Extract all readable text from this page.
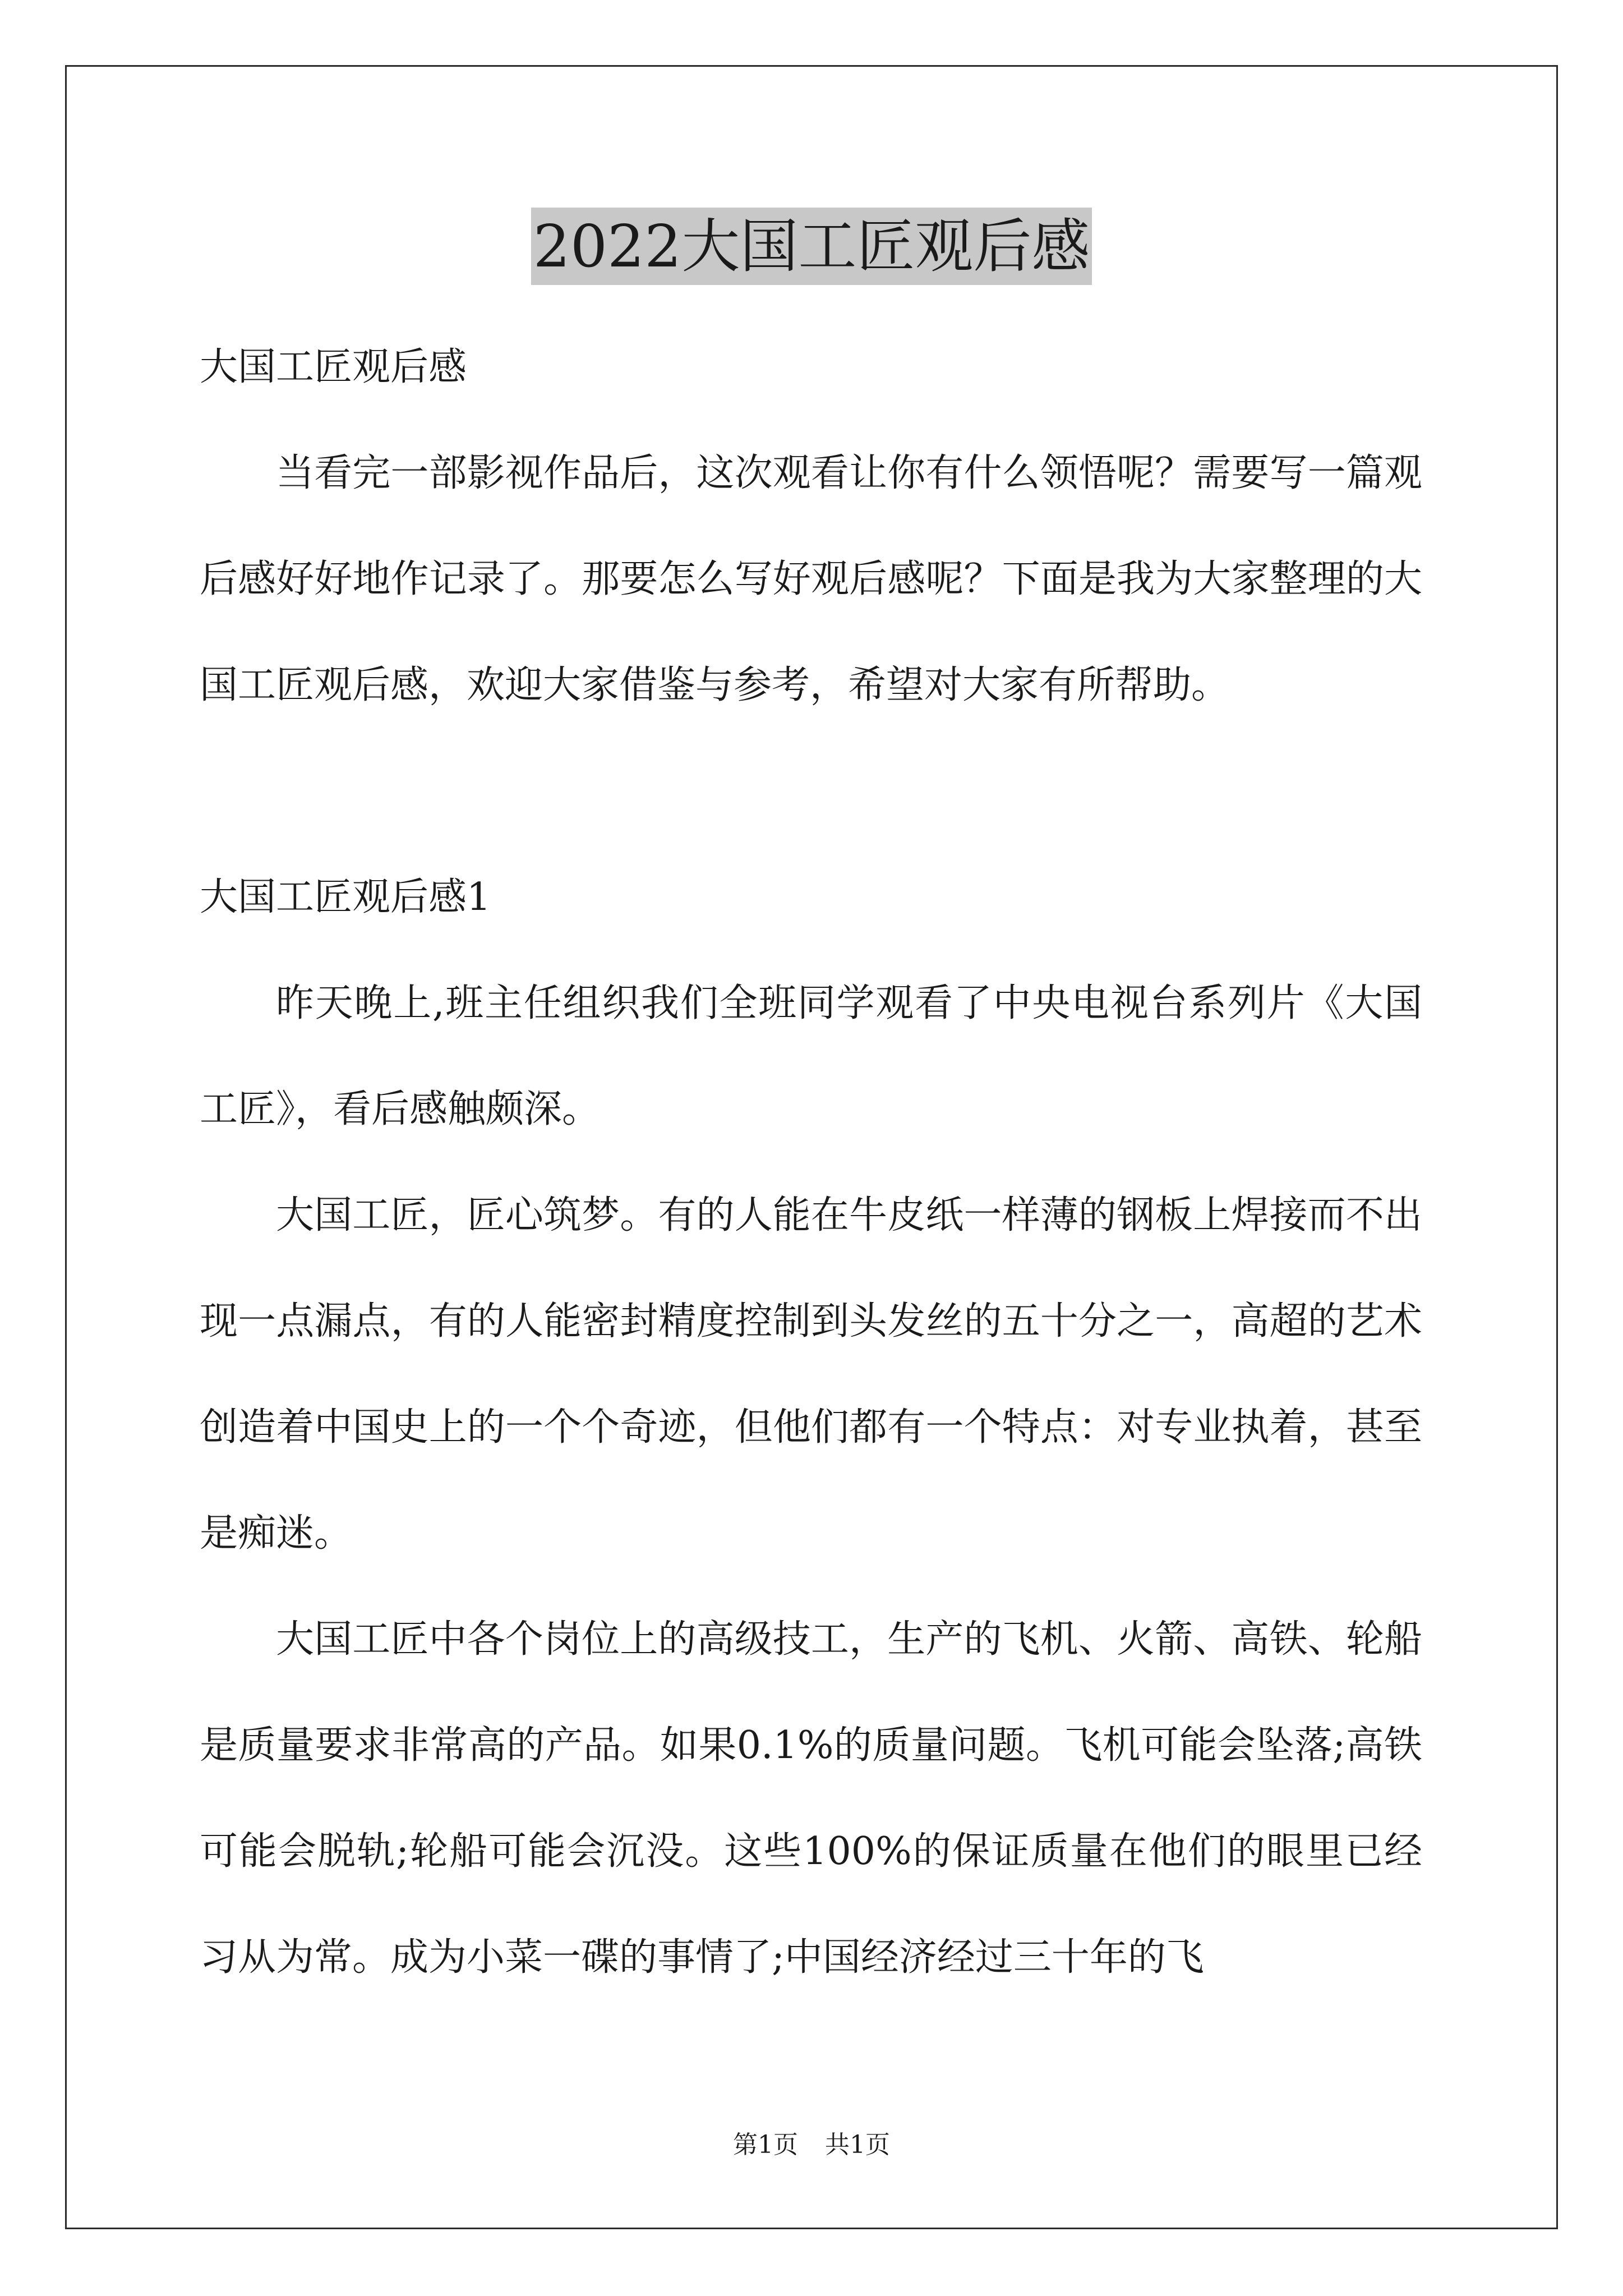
2022大国工匠观后感

大国工匠观后感

当看完一部影视作品后，这次观看让你有什么领悟呢？需要写一篇观后感好好地作记录了。那要怎么写好观后感呢？下面是我为大家整理的大国工匠观后感，欢迎大家借鉴与参考，希望对大家有所帮助。

大国工匠观后感1

昨天晚上,班主任组织我们全班同学观看了中央电视台系列片《大国工匠》，看后感触颇深。

大国工匠，匠心筑梦。有的人能在牛皮纸一样薄的钢板上焊接而不出现一点漏点，有的人能密封精度控制到头发丝的五十分之一，高超的艺术创造着中国史上的一个个奇迹，但他们都有一个特点：对专业执着，甚至是痴迷。

大国工匠中各个岗位上的高级技工，生产的飞机、火箭、高铁、轮船是质量要求非常高的产品。如果0.1%的质量问题。飞机可能会坠落;高铁可能会脱轨;轮船可能会沉没。这些100%的保证质量在他们的眼里已经习从为常。成为小菜一碟的事情了;中国经济经过三十年的飞

第1页 共1页
